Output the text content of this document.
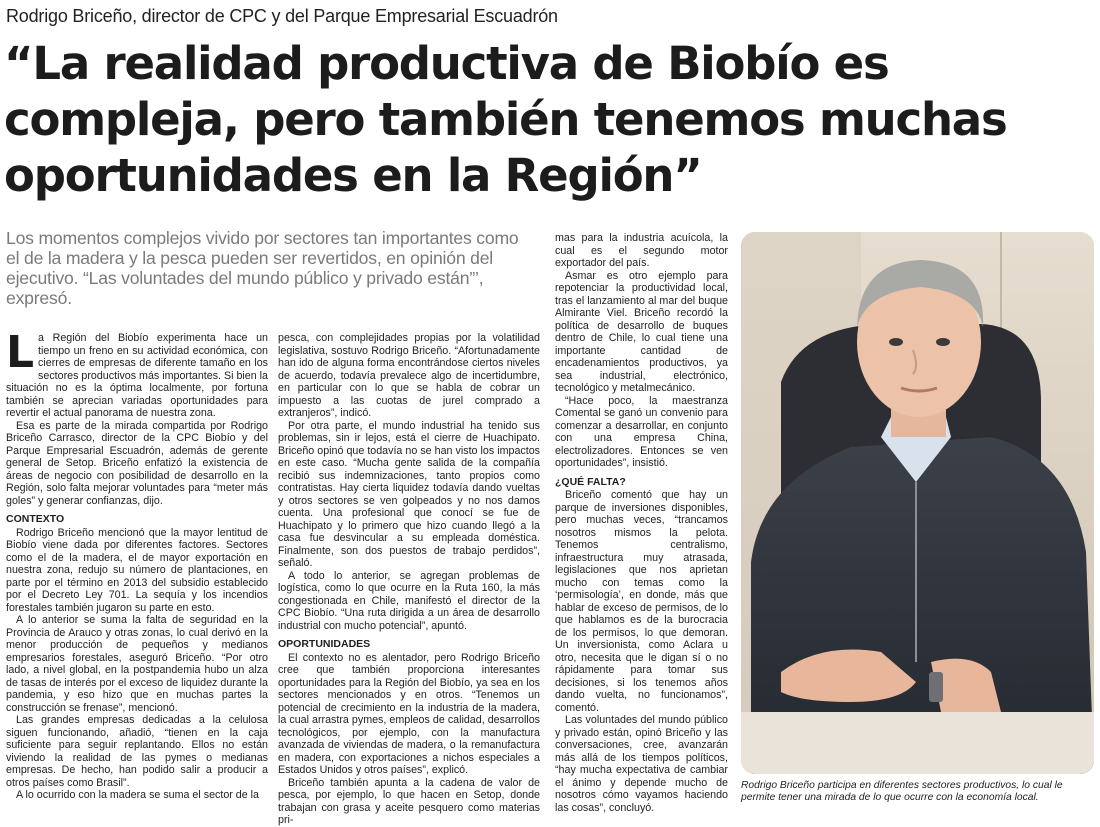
Rodrigo Briceño, director de CPC y del Parque Empresarial Escuadrón
“La realidad productiva de Biobío es compleja, pero también tenemos muchas oportunidades en la Región”

Los momentos complejos vivido por sectores tan importantes como el de la madera y la pesca pueden ser revertidos, en opinión del ejecutivo. “Las voluntades del mundo público y privado están”’, expresó.

La Región del Biobío experimenta hace un tiempo un freno en su actividad económica, con cierres de empresas de diferente tamaño en los sectores productivos más importantes. Si bien la situación no es la óptima localmente, por fortuna también se aprecian variadas oportunidades para revertir el actual panorama de nuestra zona.

Esa es parte de la mirada compartida por Rodrigo Briceño Carrasco, director de la CPC Biobío y del Parque Empresarial Escuadrón, además de gerente general de Setop. Briceño enfatizó la existencia de áreas de negocio con posibilidad de desarrollo en la Región, solo falta mejorar voluntades para “meter más goles” y generar confianzas, dijo.

CONTEXTO

Rodrigo Briceño mencionó que la mayor lentitud de Biobío viene dada por diferentes factores. Sectores como el de la madera, el de mayor exportación en nuestra zona, redujo su número de plantaciones, en parte por el término en 2013 del subsidio establecido por el Decreto Ley 701. La sequía y los incendios forestales también jugaron su parte en esto.

A lo anterior se suma la falta de seguridad en la Provincia de Arauco y otras zonas, lo cual derivó en la menor producción de pequeños y medianos empresarios forestales, aseguró Briceño. “Por otro lado, a nivel global, en la postpandemia hubo un alza de tasas de interés por el exceso de liquidez durante la pandemia, y eso hizo que en muchas partes la construcción se frenase”, mencionó.

Las grandes empresas dedicadas a la celulosa siguen funcionando, añadió, “tienen en la caja suficiente para seguir replantando. Ellos no están viviendo la realidad de las pymes o medianas empresas. De hecho, han podido salir a producir a otros países como Brasil”.

A lo ocurrido con la madera se suma el sector de la

pesca, con complejidades propias por la volatilidad legislativa, sostuvo Rodrigo Briceño. “Afortunadamente han ido de alguna forma encontrándose ciertos niveles de acuerdo, todavía prevalece algo de incertidumbre, en particular con lo que se habla de cobrar un impuesto a las cuotas de jurel comprado a extranjeros”, indicó.

Por otra parte, el mundo industrial ha tenido sus problemas, sin ir lejos, está el cierre de Huachipato. Briceño opinó que todavía no se han visto los impactos en este caso. “Mucha gente salida de la compañía recibió sus indemnizaciones, tanto propios como contratistas. Hay cierta liquidez todavía dando vueltas y otros sectores se ven golpeados y no nos damos cuenta. Una profesional que conocí se fue de Huachipato y lo primero que hizo cuando llegó a la casa fue desvincular a su empleada doméstica. Finalmente, son dos puestos de trabajo perdidos”, señaló.

A todo lo anterior, se agregan problemas de logística, como lo que ocurre en la Ruta 160, la más congestionada en Chile, manifestó el director de la CPC Biobío. “Una ruta dirigida a un área de desarrollo industrial con mucho potencial”, apuntó.

OPORTUNIDADES

El contexto no es alentador, pero Rodrigo Briceño cree que también proporciona interesantes oportunidades para la Región del Biobío, ya sea en los sectores mencionados y en otros. “Tenemos un potencial de crecimiento en la industria de la madera, la cual arrastra pymes, empleos de calidad, desarrollos tecnológicos, por ejemplo, con la manufactura avanzada de viviendas de madera, o la remanufactura en madera, con exportaciones a nichos especiales a Estados Unidos y otros países”, explicó.

Briceño también apunta a la cadena de valor de pesca, por ejemplo, lo que hacen en Setop, donde trabajan con grasa y aceite pesquero como materias pri-

mas para la industria acuícola, la cual es el segundo motor exportador del país.

Asmar es otro ejemplo para repotenciar la productividad local, tras el lanzamiento al mar del buque Almirante Viel. Briceño recordó la política de desarrollo de buques dentro de Chile, lo cual tiene una importante cantidad de encadenamientos productivos, ya sea industrial, electrónico, tecnológico y metalmecánico.

“Hace poco, la maestranza Comental se ganó un convenio para comenzar a desarrollar, en conjunto con una empresa China, electrolizadores. Entonces se ven oportunidades”, insistió.

¿QUÉ FALTA?

Briceño comentó que hay un parque de inversiones disponibles, pero muchas veces, “trancamos nosotros mismos la pelota. Tenemos centralismo, infraestructura muy atrasada, legislaciones que nos aprietan mucho con temas como la ‘permisología’, en donde, más que hablar de exceso de permisos, de lo que hablamos es de la burocracia de los permisos, lo que demoran. Un inversionista, como Aclara u otro, necesita que le digan sí o no rápidamente para tomar sus decisiones, si los tenemos años dando vuelta, no funcionamos”, comentó.

Las voluntades del mundo público y privado están, opinó Briceño y las conversaciones, cree, avanzarán más allá de los tiempos políticos, “hay mucha expectativa de cambiar el ánimo y depende mucho de nosotros cómo vayamos haciendo las cosas”, concluyó.

Rodrigo Briceño participa en diferentes sectores productivos, lo cual le permite tener una mirada de lo que ocurre con la economía local.
